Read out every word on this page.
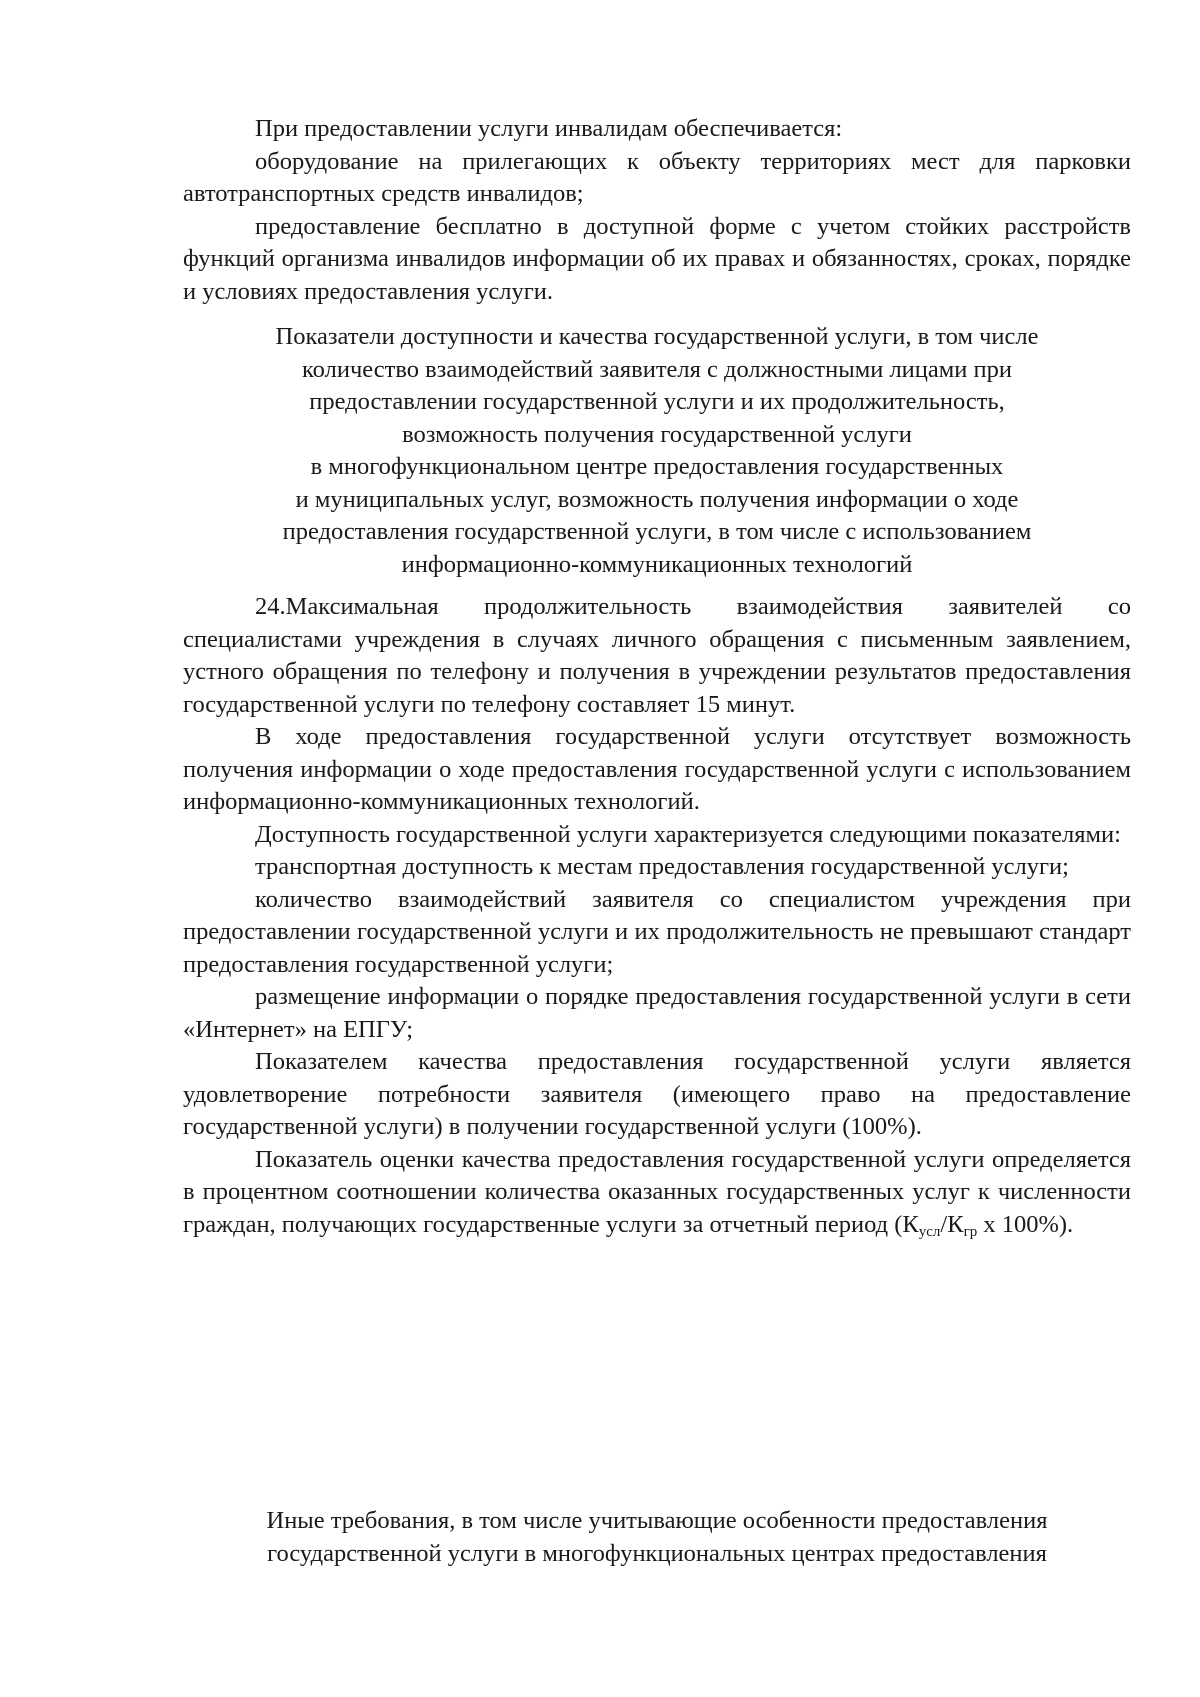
При предоставлении услуги инвалидам обеспечивается:

оборудование на прилегающих к объекту территориях мест для парковки автотранспортных средств инвалидов;

предоставление бесплатно в доступной форме с учетом стойких расстройств функций организма инвалидов информации об их правах и обязанностях, сроках, порядке и условиях предоставления услуги.

Показатели доступности и качества государственной услуги, в том числе
количество взаимодействий заявителя с должностными лицами при
предоставлении государственной услуги и их продолжительность,
возможность получения государственной услуги
в многофункциональном центре предоставления государственных
и муниципальных услуг, возможность получения информации о ходе
предоставления государственной услуги, в том числе с использованием
информационно-коммуникационных технологий

24.Максимальная продолжительность взаимодействия заявителей со специалистами учреждения в случаях личного обращения с письменным заявлением, устного обращения по телефону и получения в учреждении результатов предоставления государственной услуги по телефону составляет 15 минут.

В ходе предоставления государственной услуги отсутствует возможность получения информации о ходе предоставления государственной услуги с использованием информационно-коммуникационных технологий.

Доступность государственной услуги характеризуется следующими показателями:

транспортная доступность к местам предоставления государственной услуги;

количество взаимодействий заявителя со специалистом учреждения при предоставлении государственной услуги и их продолжительность не превышают стандарт предоставления государственной услуги;

размещение информации о порядке предоставления государственной услуги в сети «Интернет» на ЕПГУ;

Показателем качества предоставления государственной услуги является удовлетворение потребности заявителя (имеющего право на предоставление государственной услуги) в получении государственной услуги (100%).

Показатель оценки качества предоставления государственной услуги определяется в процентном соотношении количества оказанных государственных услуг к численности граждан, получающих государственные услуги за отчетный период ($К_{усл}/К_{гр}$ х 100%).

Иные требования, в том числе учитывающие особенности предоставления
государственной услуги в многофункциональных центрах предоставления
